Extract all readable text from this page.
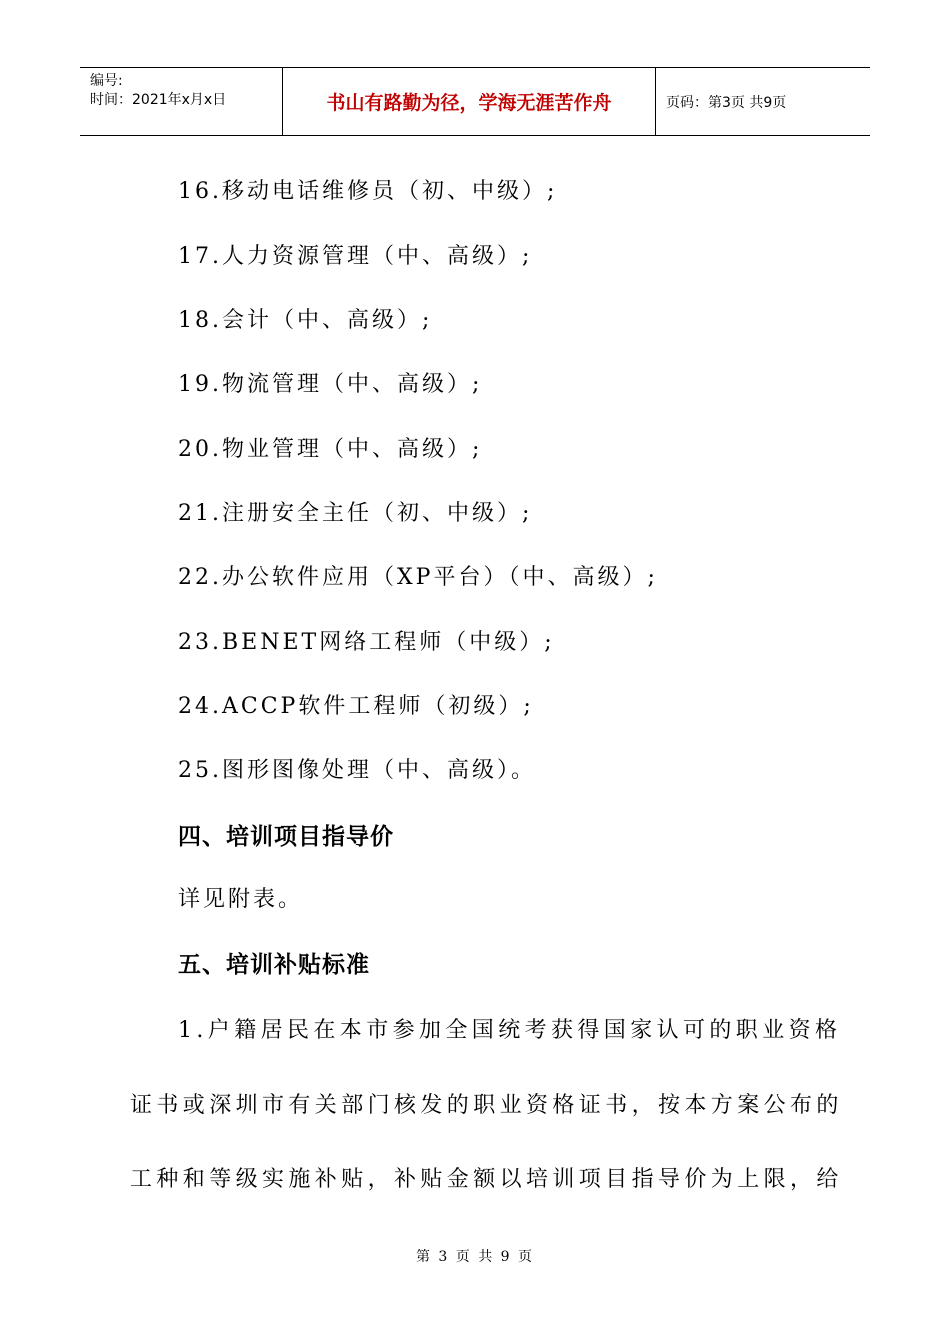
编号:
时间：2021年x月x日	书山有路勤为径，学海无涯苦作舟	页码：第3页 共9页
16.移动电话维修员（初、中级）;
17.人力资源管理（中、高级）;
18.会计（中、高级）;
19.物流管理（中、高级）;
20.物业管理（中、高级）;
21.注册安全主任（初、中级）;
22.办公软件应用（XP平台）（中、高级）;
23.BENET网络工程师（中级）;
24.ACCP软件工程师（初级）;
25.图形图像处理（中、高级）。
四、培训项目指导价
详见附表。
五、培训补贴标准
1.户籍居民在本市参加全国统考获得国家认可的职业资格
证书或深圳市有关部门核发的职业资格证书，按本方案公布的
工种和等级实施补贴，补贴金额以培训项目指导价为上限，给
第 3 页 共 9 页
